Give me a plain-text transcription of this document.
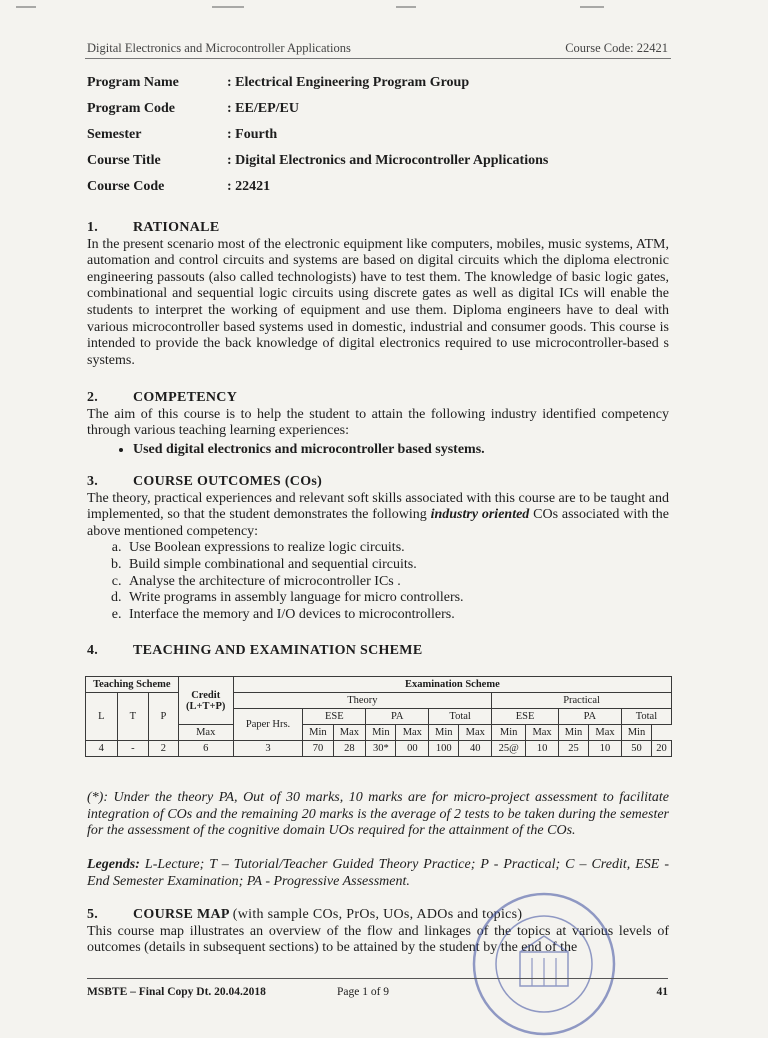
Digital Electronics and Microcontroller Applications	Course Code: 22421
Program Name	: Electrical Engineering Program Group
Program Code	: EE/EP/EU
Semester	: Fourth
Course Title	: Digital Electronics and Microcontroller Applications
Course Code	: 22421
1. RATIONALE
In the present scenario most of the electronic equipment like computers, mobiles, music systems, ATM, automation and control circuits and systems are based on digital circuits which the diploma electronic engineering passouts (also called technologists) have to test them. The knowledge of basic logic gates, combinational and sequential logic circuits using discrete gates as well as digital ICs will enable the students to interpret the working of equipment and use them. Diploma engineers have to deal with various microcontroller based systems used in domestic, industrial and consumer goods. This course is intended to provide the back knowledge of digital electronics required to use microcontroller-based s systems.
2. COMPETENCY
The aim of this course is to help the student to attain the following industry identified competency through various teaching learning experiences:
• Used digital electronics and microcontroller based systems.
3. COURSE OUTCOMES (COs)
The theory, practical experiences and relevant soft skills associated with this course are to be taught and implemented, so that the student demonstrates the following industry oriented COs associated with the above mentioned competency:
a. Use Boolean expressions to realize logic circuits.
b. Build simple combinational and sequential circuits.
c. Analyse the architecture of microcontroller ICs .
d. Write programs in assembly language for micro controllers.
e. Interface the memory and I/O devices to microcontrollers.
4. TEACHING AND EXAMINATION SCHEME
Teaching Scheme			Credit (L+T+P)	Examination Scheme												
L	T	P		Theory							Practical					
				Paper Hrs.	ESE		PA		Total		ESE		PA		Total	
			Max		Min	Max	Min	Max	Min	Max	Min	Max	Min	Max	Min	
4	-	2	6	3	70	28	30*	00	100	40	25@	10	25	10	50	20
(*): Under the theory PA, Out of 30 marks, 10 marks are for micro-project assessment to facilitate integration of COs and the remaining 20 marks is the average of 2 tests to be taken during the semester for the assessment of the cognitive domain UOs required for the attainment of the COs.
Legends: L-Lecture; T – Tutorial/Teacher Guided Theory Practice; P - Practical; C – Credit, ESE - End Semester Examination; PA - Progressive Assessment.
5. COURSE MAP (with sample COs, PrOs, UOs, ADOs and topics)
This course map illustrates an overview of the flow and linkages of the topics at various levels of outcomes (details in subsequent sections) to be attained by the student by the end of the
MSBTE – Final Copy Dt. 20.04.2018	Page 1 of 9	41
